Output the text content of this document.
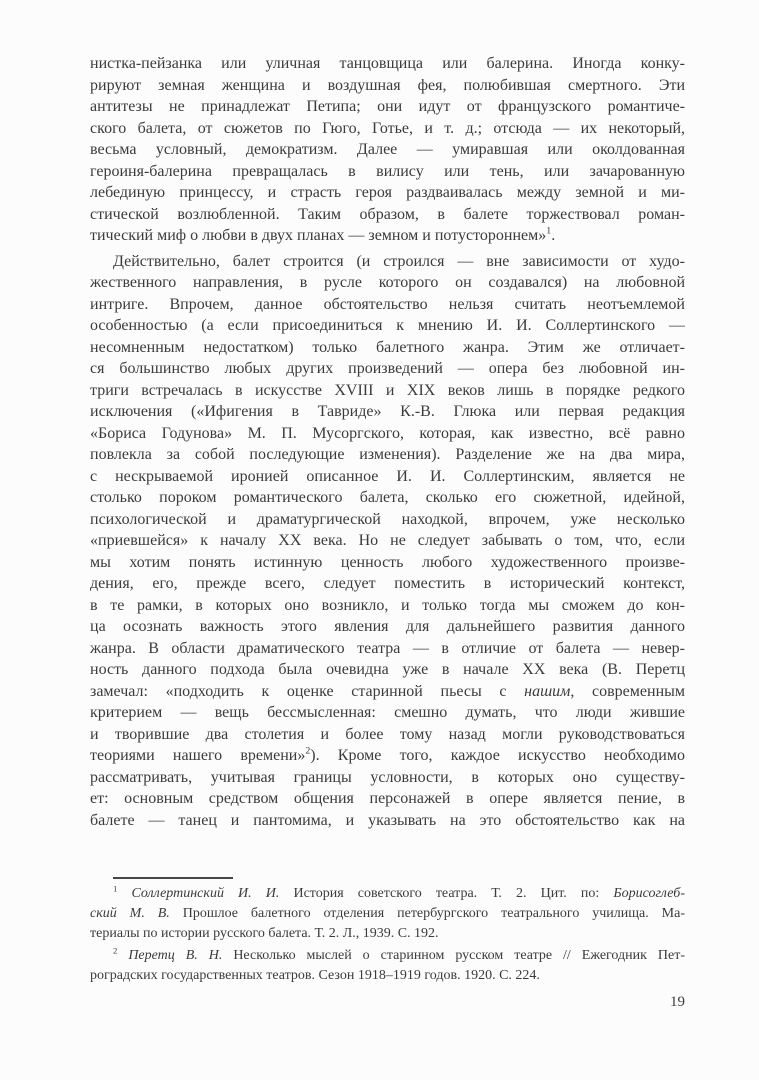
нистка-пейзанка или уличная танцовщица или балерина. Иногда конку-
рируют земная женщина и воздушная фея, полюбившая смертного. Эти
антитезы не принадлежат Петипа; они идут от французского романтиче-
ского балета, от сюжетов по Гюго, Готье, и т. д.; отсюда — их некоторый,
весьма условный, демократизм. Далее — умиравшая или околдованная
героиня-балерина превращалась в вилису или тень, или зачарованную
лебединую принцессу, и страсть героя раздваивалась между земной и ми-
стической возлюбленной. Таким образом, в балете торжествовал роман-
тический миф о любви в двух планах — земном и потустороннем»$^1$.
Действительно, балет строится (и строился — вне зависимости от худо-
жественного направления, в русле которого он создавался) на любовной
интриге. Впрочем, данное обстоятельство нельзя считать неотъемлемой
особенностью (а если присоединиться к мнению И. И. Соллертинского —
несомненным недостатком) только балетного жанра. Этим же отличает-
ся большинство любых других произведений — опера без любовной ин-
триги встречалась в искусстве XVIII и XIX веков лишь в порядке редкого
исключения («Ифигения в Тавриде» К.-В. Глюка или первая редакция
«Бориса Годунова» М. П. Мусоргского, которая, как известно, всё равно
повлекла за собой последующие изменения). Разделение же на два мира,
с нескрываемой иронией описанное И. И. Соллертинским, является не
столько пороком романтического балета, сколько его сюжетной, идейной,
психологической и драматургической находкой, впрочем, уже несколько
«приевшейся» к началу XX века. Но не следует забывать о том, что, если
мы хотим понять истинную ценность любого художественного произве-
дения, его, прежде всего, следует поместить в исторический контекст,
в те рамки, в которых оно возникло, и только тогда мы сможем до кон-
ца осознать важность этого явления для дальнейшего развития данного
жанра. В области драматического театра — в отличие от балета — невер-
ность данного подхода была очевидна уже в начале XX века (В. Перетц
замечал: «подходить к оценке старинной пьесы с нашим, современным
критерием — вещь бессмысленная: смешно думать, что люди жившие
и творившие два столетия и более тому назад могли руководствоваться
теориями нашего времени»$^2$). Кроме того, каждое искусство необходимо
рассматривать, учитывая границы условности, в которых оно существу-
ет: основным средством общения персонажей в опере является пение, в
балете — танец и пантомима, и указывать на это обстоятельство как на
$^1$ Соллертинский И. И. История советского театра. Т. 2. Цит. по: Борисоглеб-
ский М. В. Прошлое балетного отделения петербургского театрального училища. Ма-
териалы по истории русского балета. Т. 2. Л., 1939. С. 192.
$^2$ Перетц В. Н. Несколько мыслей о старинном русском театре // Ежегодник Пет-
роградских государственных театров. Сезон 1918–1919 годов. 1920. С. 224.
19
